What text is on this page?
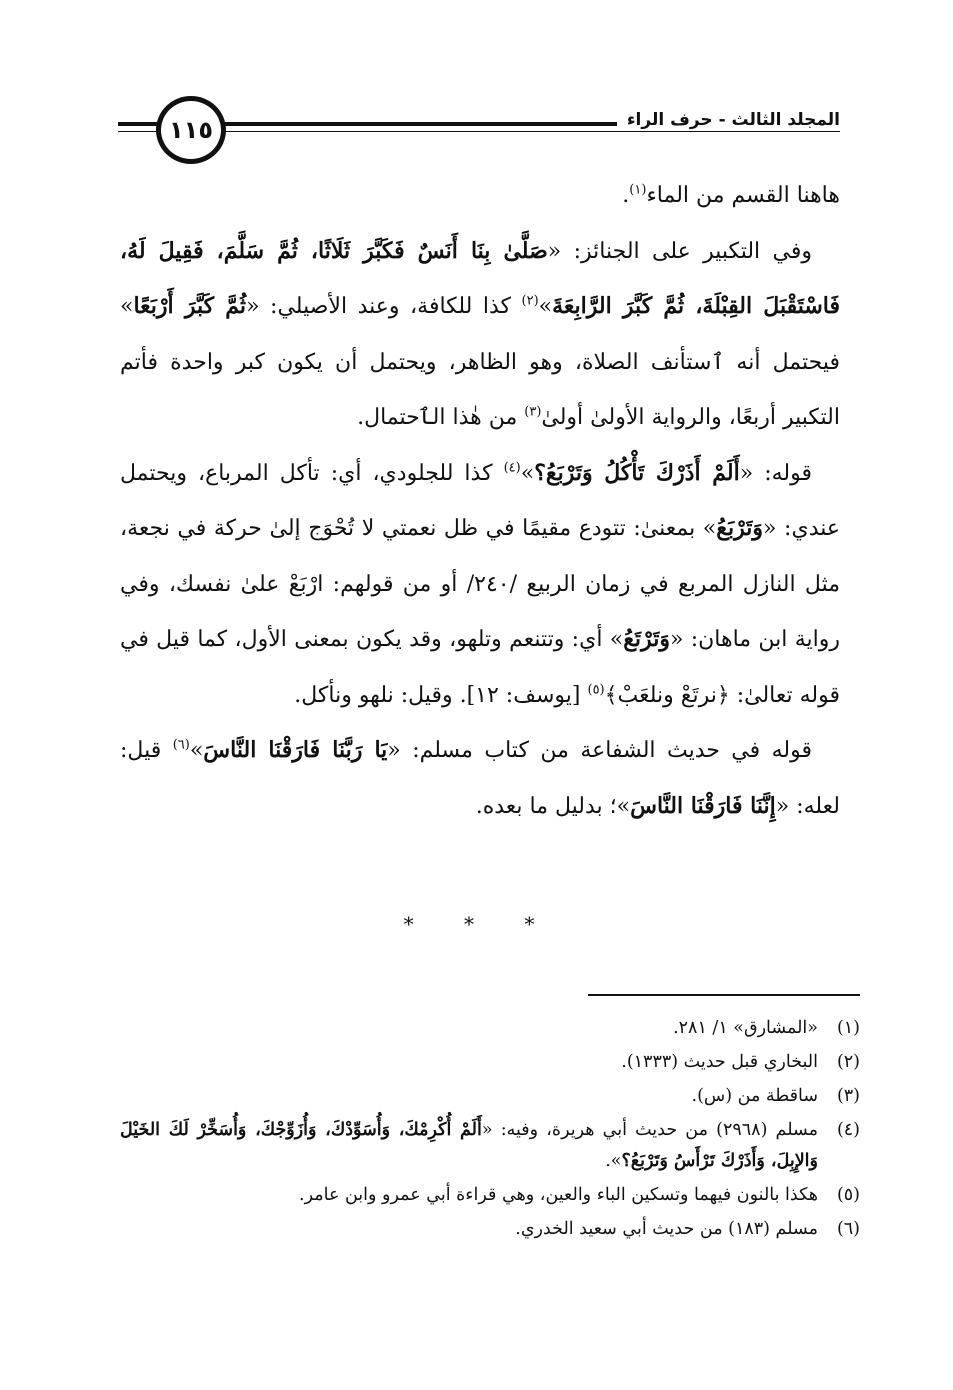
المجلد الثالث - حرف الراء
١١٥

هاهنا القسم من الماء$^{(١)}$.

وفي التكبير على الجنائز: «صَلَّىٰ بِنَا أَنَسٌ فَكَبَّرَ ثَلَاثًا، ثُمَّ سَلَّمَ، فَقِيلَ لَهُ، فَاسْتَقْبَلَ القِبْلَةَ، ثُمَّ كَبَّرَ الرَّابِعَةَ»$^{(٢)}$ كذا للكافة، وعند الأصيلي: «ثُمَّ كَبَّرَ أَرْبَعًا» فيحتمل أنه ٱستأنف الصلاة، وهو الظاهر، ويحتمل أن يكون كبر واحدة فأتم التكبير أربعًا، والرواية الأولىٰ أولىٰ$^{(٣)}$ من هٰذا الٱحتمال.

قوله: «أَلَمْ أَذَرْكَ تَأْكُلُ وَتَرْبَعُ؟»$^{(٤)}$ كذا للجلودي، أي: تأكل المرباع، ويحتمل عندي: «وَتَرْبَعُ» بمعنىٰ: تتودع مقيمًا في ظل نعمتي لا تُحْوَج إلىٰ حركة في نجعة، مثل النازل المربع في زمان الربيع /٢٤٠/ أو من قولهم: ارْبَعْ علىٰ نفسك، وفي رواية ابن ماهان: «وَتَرْتَعُ» أي: وتتنعم وتلهو، وقد يكون بمعنى الأول، كما قيل في قوله تعالىٰ: ﴿نرتَعْ ونلعَبْ﴾$^{(٥)}$ [يوسف: ١٢]. وقيل: نلهو ونأكل.

قوله في حديث الشفاعة من كتاب مسلم: «يَا رَبَّنَا فَارَقْنَا النَّاسَ»$^{(٦)}$ قيل: لعله: «إِنَّنَا فَارَقْنَا النَّاسَ»؛ بدليل ما بعده.

* * *
(١)
«المشارق» ١/ ٢٨١.
(٢)
البخاري قبل حديث (١٣٣٣).
(٣)
ساقطة من (س).
(٤)
مسلم (٢٩٦٨) من حديث أبي هريرة، وفيه: «أَلَمْ أُكْرِمْكَ، وَأُسَوِّدْكَ، وَأُزَوِّجْكَ، وَأُسَخِّرْ لَكَ الخَيْلَ وَالإِبِلَ، وَأَذَرْكَ تَرْأَسُ وَتَرْبَعُ؟».
(٥)
هكذا بالنون فيهما وتسكين الباء والعين، وهي قراءة أبي عمرو وابن عامر.
(٦)
مسلم (١٨٣) من حديث أبي سعيد الخدري.
